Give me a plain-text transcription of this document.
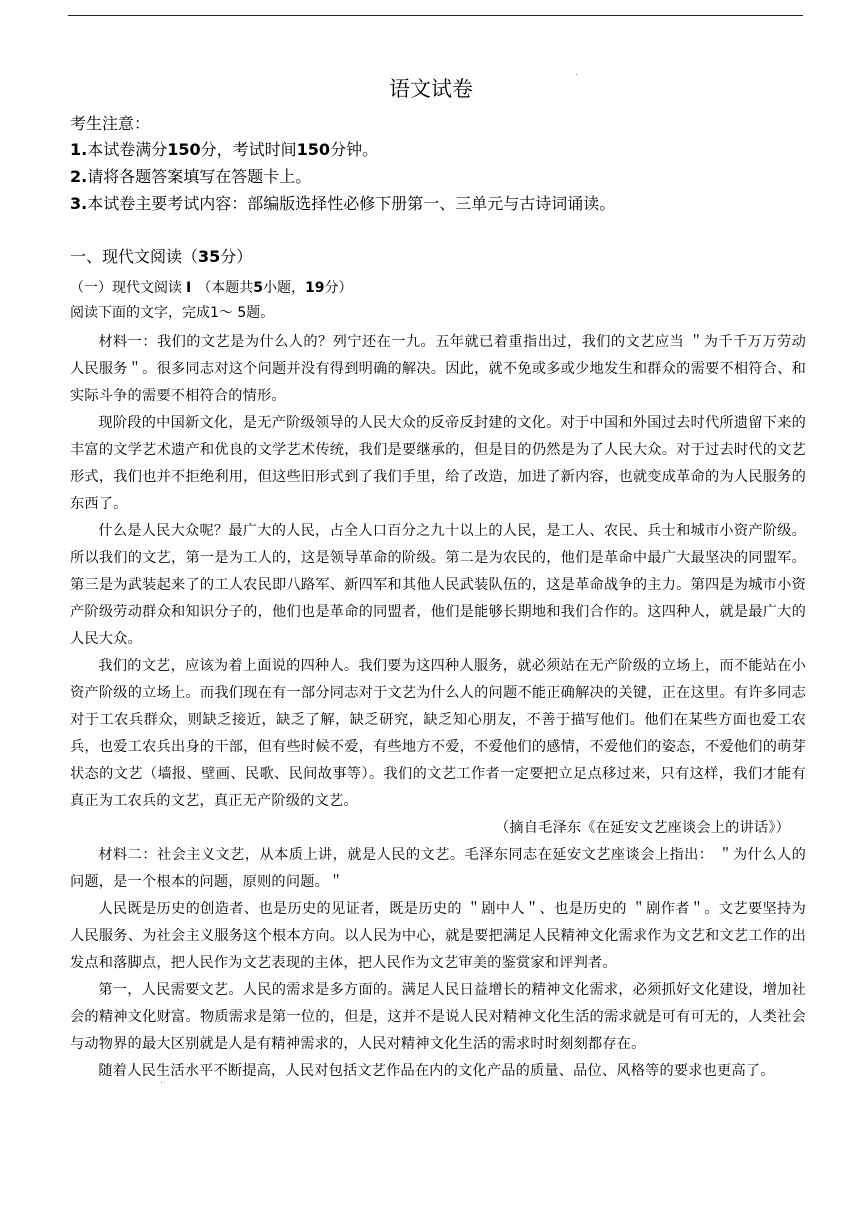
语文试卷
考生注意：
1.本试卷满分150分，考试时间150分钟。
2.请将各题答案填写在答题卡上。
3.本试卷主要考试内容：部编版选择性必修下册第一、三单元与古诗词诵读。
一、现代文阅读（35分）
（一）现代文阅读 Ⅰ （本题共5小题，19分）
阅读下面的文字，完成1～ 5题。

材料一：我们的文艺是为什么人的？列宁还在一九。五年就已着重指出过，我们的文艺应当 ＂为千千万万劳动人民服务＂。很多同志对这个问题并没有得到明确的解决。因此，就不免或多或少地发生和群众的需要不相符合、和实际斗争的需要不相符合的情形。

现阶段的中国新文化，是无产阶级领导的人民大众的反帝反封建的文化。对于中国和外国过去时代所遗留下来的丰富的文学艺术遗产和优良的文学艺术传统，我们是要继承的，但是目的仍然是为了人民大众。对于过去时代的文艺形式，我们也并不拒绝利用，但这些旧形式到了我们手里，给了改造，加进了新内容，也就变成革命的为人民服务的东西了。

什么是人民大众呢？最广大的人民，占全人口百分之九十以上的人民，是工人、农民、兵士和城市小资产阶级。所以我们的文艺，第一是为工人的，这是领导革命的阶级。第二是为农民的，他们是革命中最广大最坚决的同盟军。第三是为武装起来了的工人农民即八路军、新四军和其他人民武装队伍的，这是革命战争的主力。第四是为城市小资产阶级劳动群众和知识分子的，他们也是革命的同盟者，他们是能够长期地和我们合作的。这四种人，就是最广大的人民大众。

我们的文艺，应该为着上面说的四种人。我们要为这四种人服务，就必须站在无产阶级的立场上，而不能站在小资产阶级的立场上。而我们现在有一部分同志对于文艺为什么人的问题不能正确解决的关键，正在这里。有许多同志对于工农兵群众，则缺乏接近，缺乏了解，缺乏研究，缺乏知心朋友，不善于描写他们。他们在某些方面也爱工农兵，也爱工农兵出身的干部，但有些时候不爱，有些地方不爱，不爱他们的感情，不爱他们的姿态，不爱他们的萌芽状态的文艺（墙报、壁画、民歌、民间故事等）。我们的文艺工作者一定要把立足点移过来，只有这样，我们才能有真正为工农兵的文艺，真正无产阶级的文艺。

（摘自毛泽东《在延安文艺座谈会上的讲话》）

材料二：社会主义文艺，从本质上讲，就是人民的文艺。毛泽东同志在延安文艺座谈会上指出： ＂为什么人的问题，是一个根本的问题，原则的问题。＂

人民既是历史的创造者、也是历史的见证者，既是历史的 ＂剧中人＂、也是历史的 ＂剧作者＂。文艺要坚持为人民服务、为社会主义服务这个根本方向。以人民为中心，就是要把满足人民精神文化需求作为文艺和文艺工作的出发点和落脚点，把人民作为文艺表现的主体，把人民作为文艺审美的鉴赏家和评判者。

第一，人民需要文艺。人民的需求是多方面的。满足人民日益增长的精神文化需求，必须抓好文化建设，增加社会的精神文化财富。物质需求是第一位的，但是，这并不是说人民对精神文化生活的需求就是可有可无的，人类社会与动物界的最大区别就是人是有精神需求的，人民对精神文化生活的需求时时刻刻都存在。

随着人民生活水平不断提高，人民对包括文艺作品在内的文化产品的质量、品位、风格等的要求也更高了。
